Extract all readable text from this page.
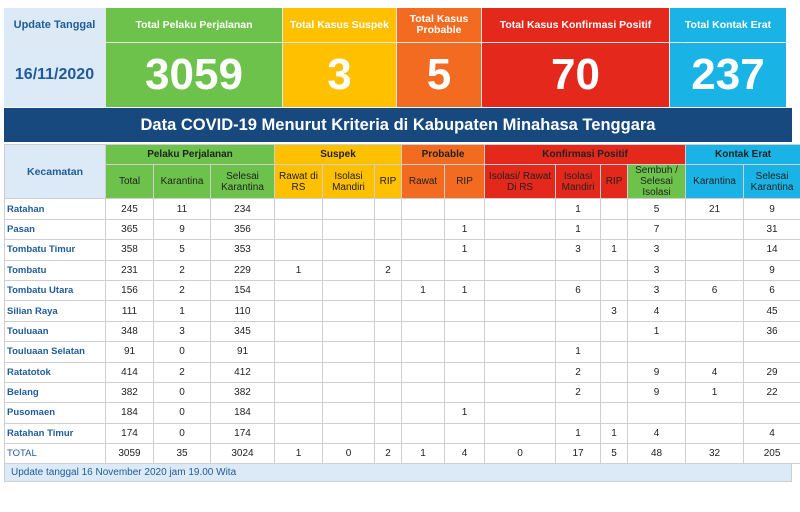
Update Tanggal	Total Pelaku Perjalanan	Total Kasus Suspek	Total Kasus Probable	Total Kasus Konfirmasi Positif	Total Kontak Erat
16/11/2020	3059	3	5	70	237
Data COVID-19 Menurut Kriteria di Kabupaten Minahasa Tenggara
Kecamatan	Pelaku Perjalanan			Suspek			Probable		Konfirmasi Positif				Kontak Erat	
	Total	Karantina	Selesai Karantina	Rawat di RS	Isolasi Mandiri	RIP	Rawat	RIP	Isolasi/ Rawat Di RS	Isolasi Mandiri	RIP	Sembuh / Selesai Isolasi	Karantina	Selesai Karantina
Ratahan	245	11	234							1		5	21	9
Pasan	365	9	356					1		1		7		31
Tombatu Timur	358	5	353					1		3	1	3		14
Tombatu	231	2	229	1		2						3		9
Tombatu Utara	156	2	154				1	1		6		3	6	6
Silian Raya	111	1	110								3	4		45
Touluaan	348	3	345									1		36
Touluaan Selatan	91	0	91							1				
Ratatotok	414	2	412							2		9	4	29
Belang	382	0	382							2		9	1	22
Pusomaen	184	0	184					1						
Ratahan Timur	174	0	174							1	1	4		4
TOTAL	3059	35	3024	1	0	2	1	4	0	17	5	48	32	205
Update tanggal 16 November 2020 jam 19.00 Wita
